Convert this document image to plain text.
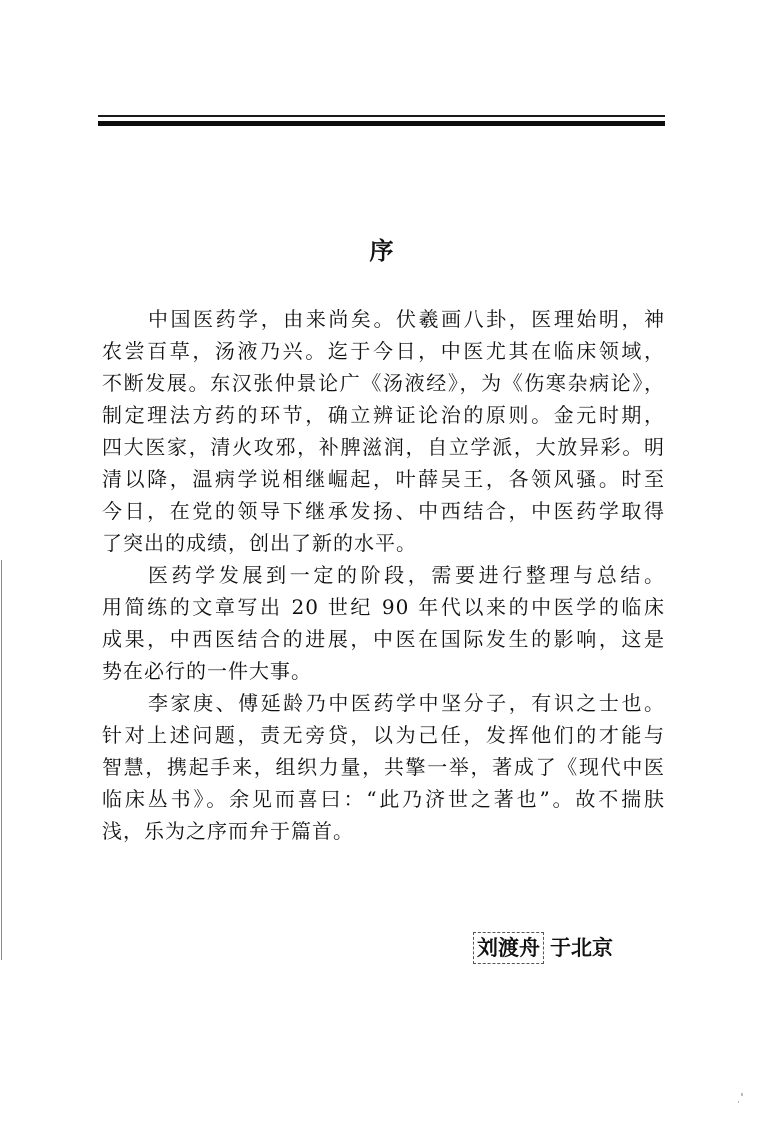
序
中国医药学，由来尚矣。伏羲画八卦，医理始明，神
农尝百草，汤液乃兴。迄于今日，中医尤其在临床领域，
不断发展。东汉张仲景论广《汤液经》，为《伤寒杂病论》，
制定理法方药的环节，确立辨证论治的原则。金元时期，
四大医家，清火攻邪，补脾滋润，自立学派，大放异彩。明
清以降，温病学说相继崛起，叶薛吴王，各领风骚。时至
今日，在党的领导下继承发扬、中西结合，中医药学取得
了突出的成绩，创出了新的水平。
医药学发展到一定的阶段，需要进行整理与总结。
用简练的文章写出 20 世纪 90 年代以来的中医学的临床
成果，中西医结合的进展，中医在国际发生的影响，这是
势在必行的一件大事。
李家庚、傅延龄乃中医药学中坚分子，有识之士也。
针对上述问题，责无旁贷，以为己任，发挥他们的才能与
智慧，携起手来，组织力量，共擎一举，著成了《现代中医
临床丛书》。余见而喜曰：“此乃济世之著也”。故不揣肤
浅，乐为之序而弁于篇首。
刘渡舟 于北京
